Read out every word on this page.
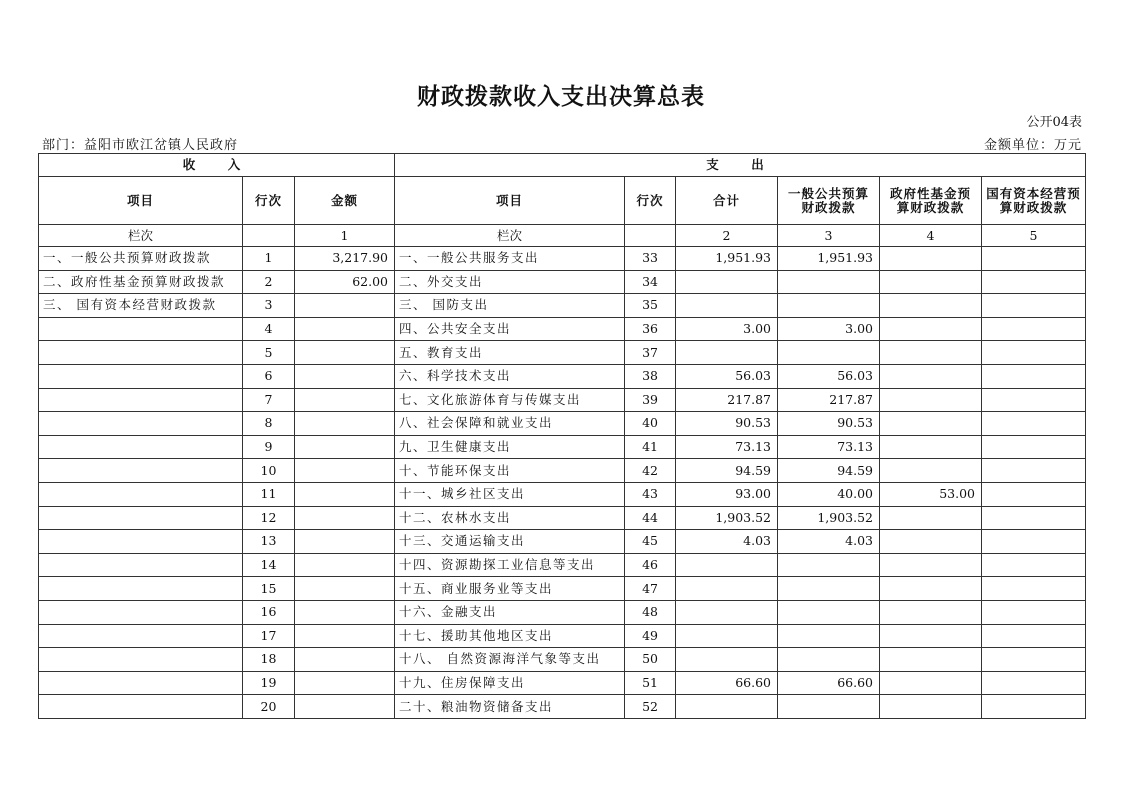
财政拨款收入支出决算总表
公开04表
部门：益阳市欧江岔镇人民政府	金额单位：万元
收　入			支　出					
项目	行次	金额	项目	行次	合计	一般公共预算财政拨款	政府性基金预算财政拨款	国有资本经营预算财政拨款
栏次		1	栏次		2	3	4	5
一、一般公共预算财政拨款	1	3,217.90	一、一般公共服务支出	33	1,951.93	1,951.93		
二、政府性基金预算财政拨款	2	62.00	二、外交支出	34				
三、 国有资本经营财政拨款	3		三、 国防支出	35				
	4		四、公共安全支出	36	3.00	3.00		
	5		五、教育支出	37				
	6		六、科学技术支出	38	56.03	56.03		
	7		七、文化旅游体育与传媒支出	39	217.87	217.87		
	8		八、社会保障和就业支出	40	90.53	90.53		
	9		九、卫生健康支出	41	73.13	73.13		
	10		十、节能环保支出	42	94.59	94.59		
	11		十一、城乡社区支出	43	93.00	40.00	53.00	
	12		十二、农林水支出	44	1,903.52	1,903.52		
	13		十三、交通运输支出	45	4.03	4.03		
	14		十四、资源勘探工业信息等支出	46				
	15		十五、商业服务业等支出	47				
	16		十六、金融支出	48				
	17		十七、援助其他地区支出	49				
	18		十八、 自然资源海洋气象等支出	50				
	19		十九、住房保障支出	51	66.60	66.60		
	20		二十、粮油物资储备支出	52				
